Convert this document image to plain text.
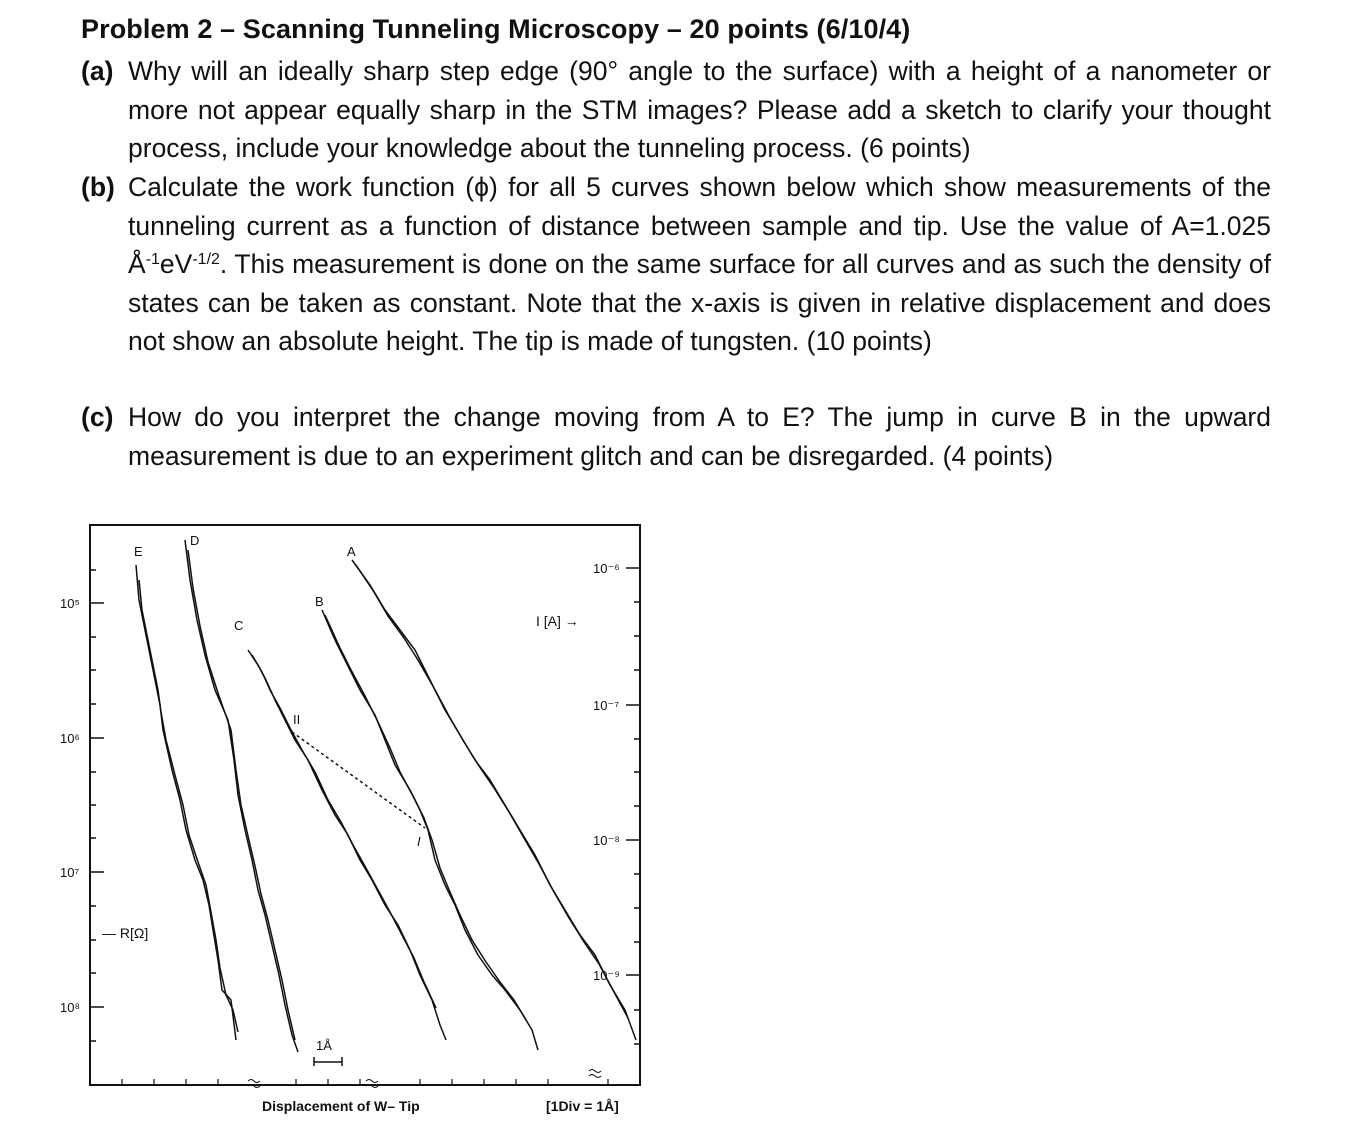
Problem 2 – Scanning Tunneling Microscopy – 20 points (6/10/4)
(a) Why will an ideally sharp step edge (90° angle to the surface) with a height of a nanometer or more not appear equally sharp in the STM images? Please add a sketch to clarify your thought process, include your knowledge about the tunneling process. (6 points)
(b) Calculate the work function (ϕ) for all 5 curves shown below which show measurements of the tunneling current as a function of distance between sample and tip. Use the value of A=1.025 $Å^{-1}eV^{-1/2}$. This measurement is done on the same surface for all curves and as such the density of states can be taken as constant. Note that the x-axis is given in relative displacement and does not show an absolute height. The tip is made of tungsten. (10 points)
(c) How do you interpret the change moving from A to E? The jump in curve B in the upward measurement is due to an experiment glitch and can be disregarded. (4 points)
A
B
C
D
E
I
II
10⁵
10⁶
10⁷
10⁸
10⁻⁶
10⁻⁷
10⁻⁸
10⁻⁹
— R[Ω]
I [A] →
Displacement of W– Tip	[1Div = 1Å]
1Å
